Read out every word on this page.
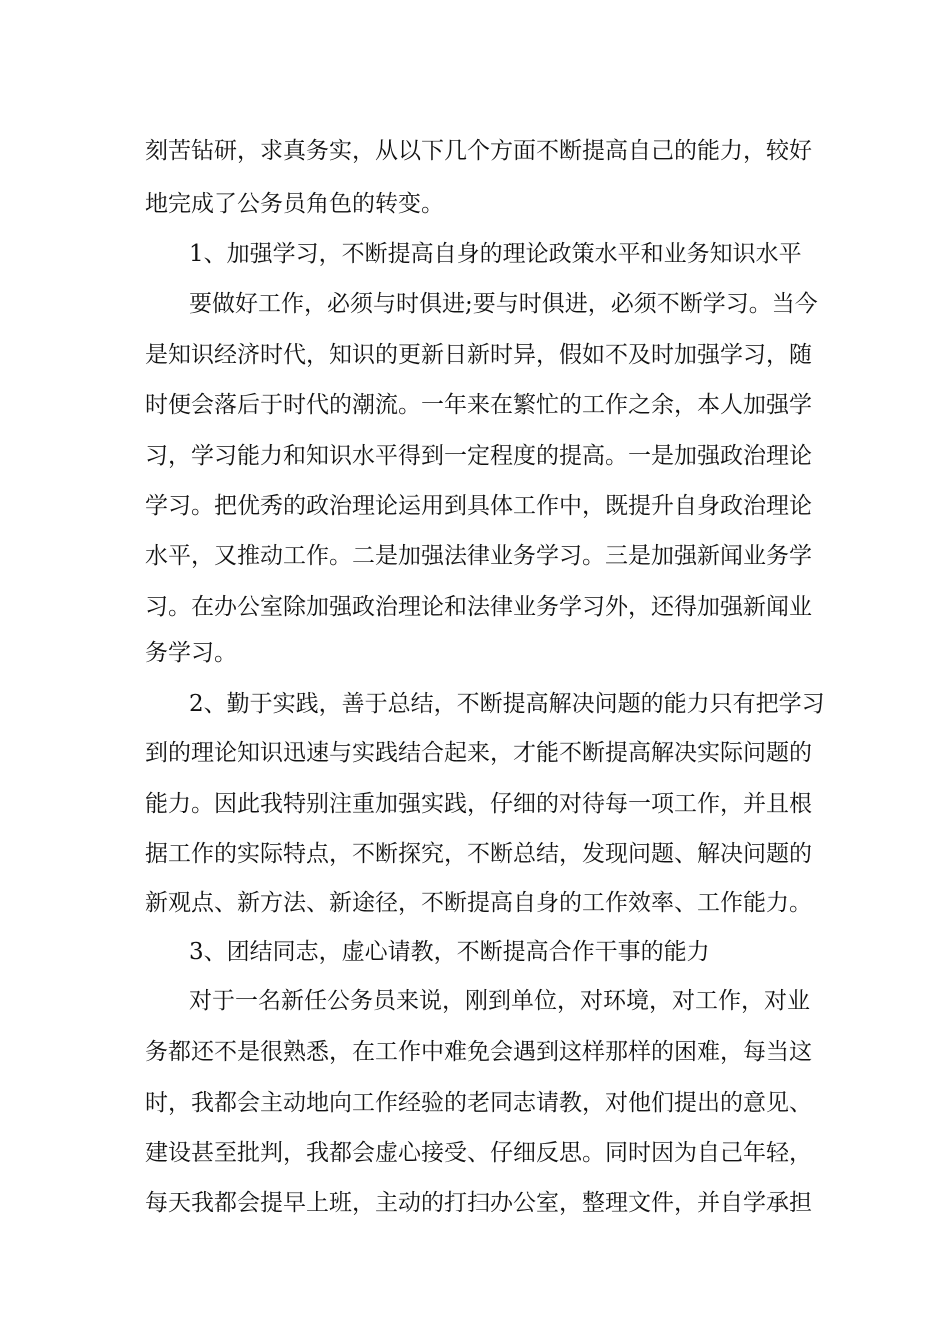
刻苦钻研，求真务实，从以下几个方面不断提高自己的能力，较好
地完成了公务员角色的转变。
1、加强学习，不断提高自身的理论政策水平和业务知识水平
要做好工作，必须与时俱进;要与时俱进，必须不断学习。当今
是知识经济时代，知识的更新日新时异，假如不及时加强学习，随
时便会落后于时代的潮流。一年来在繁忙的工作之余，本人加强学
习，学习能力和知识水平得到一定程度的提高。一是加强政治理论
学习。把优秀的政治理论运用到具体工作中，既提升自身政治理论
水平，又推动工作。二是加强法律业务学习。三是加强新闻业务学
习。在办公室除加强政治理论和法律业务学习外，还得加强新闻业
务学习。
2、勤于实践，善于总结，不断提高解决问题的能力只有把学习
到的理论知识迅速与实践结合起来，才能不断提高解决实际问题的
能力。因此我特别注重加强实践，仔细的对待每一项工作，并且根
据工作的实际特点，不断探究，不断总结，发现问题、解决问题的
新观点、新方法、新途径，不断提高自身的工作效率、工作能力。
3、团结同志，虚心请教，不断提高合作干事的能力
对于一名新任公务员来说，刚到单位，对环境，对工作，对业
务都还不是很熟悉，在工作中难免会遇到这样那样的困难，每当这
时，我都会主动地向工作经验的老同志请教，对他们提出的意见、
建设甚至批判，我都会虚心接受、仔细反思。同时因为自己年轻，
每天我都会提早上班，主动的打扫办公室，整理文件，并自学承担
